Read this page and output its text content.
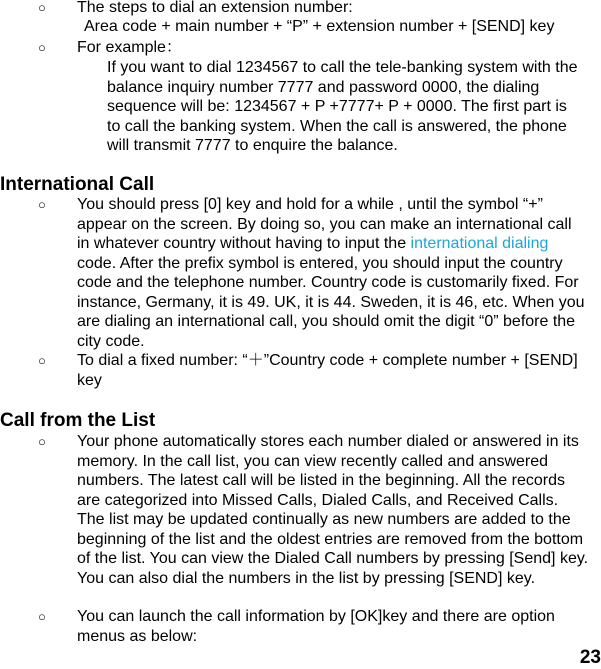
○ The steps to dial an extension number:

Area code + main number + “P” + extension number + [SEND] key

○ For example：

If you want to dial 1234567 to call the tele-banking system with the balance inquiry number 7777 and password 0000, the dialing sequence will be: 1234567 + P +7777+ P + 0000. The first part is to call the banking system. When the call is answered, the phone will transmit 7777 to enquire the balance.

International Call
○ You should press [0] key and hold for a while , until the symbol “+” appear on the screen. By doing so, you can make an international call in whatever country without having to input the international dialing code. After the prefix symbol is entered, you should input the country code and the telephone number. Country code is customarily fixed. For instance, Germany, it is 49. UK, it is 44. Sweden, it is 46, etc. When you are dialing an international call, you should omit the digit “0” before the city code.

○ To dial a fixed number: “＋”Country code + complete number + [SEND] key

Call from the List
○ Your phone automatically stores each number dialed or answered in its memory. In the call list, you can view recently called and answered numbers. The latest call will be listed in the beginning. All the records are categorized into Missed Calls, Dialed Calls, and Received Calls. The list may be updated continually as new numbers are added to the beginning of the list and the oldest entries are removed from the bottom of the list. You can view the Dialed Call numbers by pressing [Send] key. You can also dial the numbers in the list by pressing [SEND] key.

○ You can launch the call information by [OK]key and there are option menus as below:

23
